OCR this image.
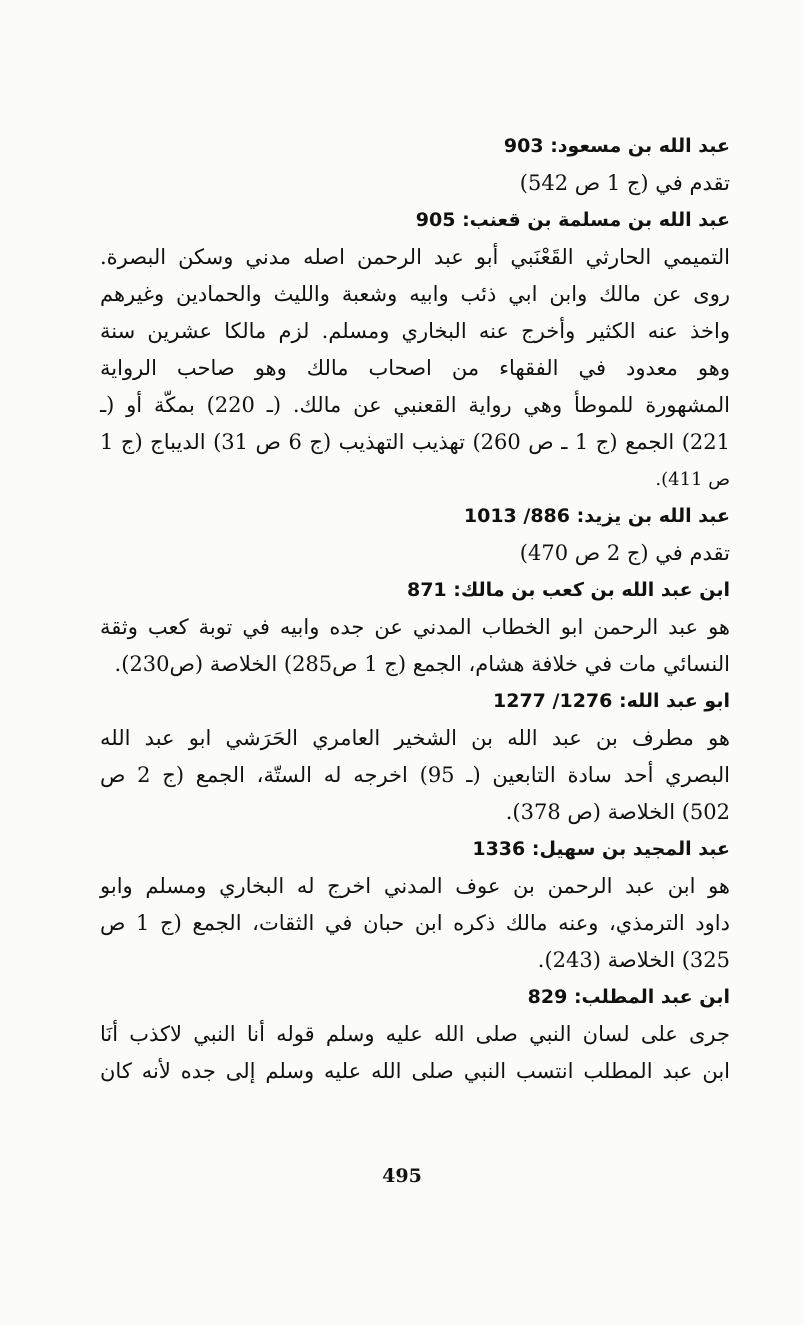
عبد الله بن مسعود: 903
تقدم في (ج 1 ص 542)
عبد الله بن مسلمة بن قعنب: 905
التميمي الحارثي القَعْنَبي أبو عبد الرحمن اصله مدني وسكن البصرة.
روى عن مالك وابن ابي ذئب وابيه وشعبة والليث والحمادين وغيرهم
واخذ عنه الكثير وأخرج عنه البخاري ومسلم. لزم مالكا عشرين سنة
وهو معدود في الفقهاء من اصحاب مالك وهو صاحب الرواية
المشهورة للموطأ وهي رواية القعنبي عن مالك. (ـ 220) بمكّة أو (ـ
221) الجمع (ج 1 ـ ص 260) تهذيب التهذيب (ج 6 ص 31) الديباج (ج 1
ص 411).
عبد الله بن يزيد: 886/ 1013
تقدم في (ج 2 ص 470)
ابن عبد الله بن كعب بن مالك: 871
هو عبد الرحمن ابو الخطاب المدني عن جده وابيه في توبة كعب وثقة
النسائي مات في خلافة هشام، الجمع (ج 1 ص285) الخلاصة (ص230).
ابو عبد الله: 1276/ 1277
هو مطرف بن عبد الله بن الشخير العامري الحَرَشي ابو عبد الله
البصري أحد سادة التابعين (ـ 95) اخرجه له الستّة، الجمع (ج 2 ص
502) الخلاصة (ص 378).
عبد المجيد بن سهيل: 1336
هو ابن عبد الرحمن بن عوف المدني اخرج له البخاري ومسلم وابو
داود الترمذي، وعنه مالك ذكره ابن حبان في الثقات، الجمع (ج 1 ص
325) الخلاصة (243).
ابن عبد المطلب: 829
جرى على لسان النبي صلى الله عليه وسلم قوله أنا النبي لاكذب أنَا
ابن عبد المطلب انتسب النبي صلى الله عليه وسلم إلى جده لأنه كان
495
